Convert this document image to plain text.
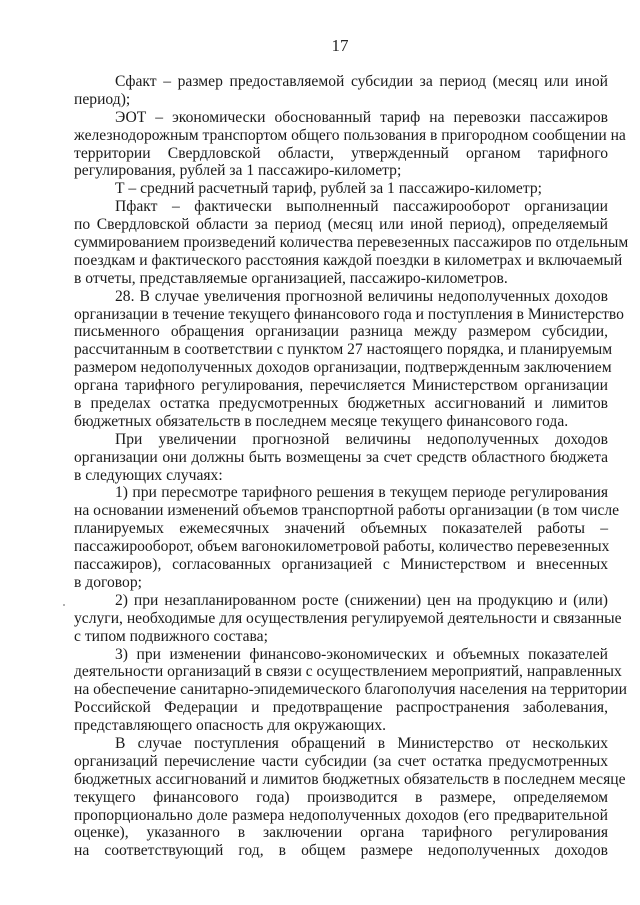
17
Сфакт – размер предоставляемой субсидии за период (месяц или иной
период);
ЭОТ – экономически обоснованный тариф на перевозки пассажиров
железнодорожным транспортом общего пользования в пригородном сообщении на
территории Свердловской области, утвержденный органом тарифного
регулирования, рублей за 1 пассажиро-километр;
Т – средний расчетный тариф, рублей за 1 пассажиро-километр;
Пфакт – фактически выполненный пассажирооборот организации
по Свердловской области за период (месяц или иной период), определяемый
суммированием произведений количества перевезенных пассажиров по отдельным
поездкам и фактического расстояния каждой поездки в километрах и включаемый
в отчеты, представляемые организацией, пассажиро-километров.
28. В случае увеличения прогнозной величины недополученных доходов
организации в течение текущего финансового года и поступления в Министерство
письменного обращения организации разница между размером субсидии,
рассчитанным в соответствии с пунктом 27 настоящего порядка, и планируемым
размером недополученных доходов организации, подтвержденным заключением
органа тарифного регулирования, перечисляется Министерством организации
в пределах остатка предусмотренных бюджетных ассигнований и лимитов
бюджетных обязательств в последнем месяце текущего финансового года.
При увеличении прогнозной величины недополученных доходов
организации они должны быть возмещены за счет средств областного бюджета
в следующих случаях:
1) при пересмотре тарифного решения в текущем периоде регулирования
на основании изменений объемов транспортной работы организации (в том числе
планируемых ежемесячных значений объемных показателей работы –
пассажирооборот, объем вагонокилометровой работы, количество перевезенных
пассажиров), согласованных организацией с Министерством и внесенных
в договор;
2) при незапланированном росте (снижении) цен на продукцию и (или)
услуги, необходимые для осуществления регулируемой деятельности и связанные
с типом подвижного состава;
3) при изменении финансово-экономических и объемных показателей
деятельности организаций в связи с осуществлением мероприятий, направленных
на обеспечение санитарно-эпидемического благополучия населения на территории
Российской Федерации и предотвращение распространения заболевания,
представляющего опасность для окружающих.
В случае поступления обращений в Министерство от нескольких
организаций перечисление части субсидии (за счет остатка предусмотренных
бюджетных ассигнований и лимитов бюджетных обязательств в последнем месяце
текущего финансового года) производится в размере, определяемом
пропорционально доле размера недополученных доходов (его предварительной
оценке), указанного в заключении органа тарифного регулирования
на соответствующий год, в общем размере недополученных доходов
